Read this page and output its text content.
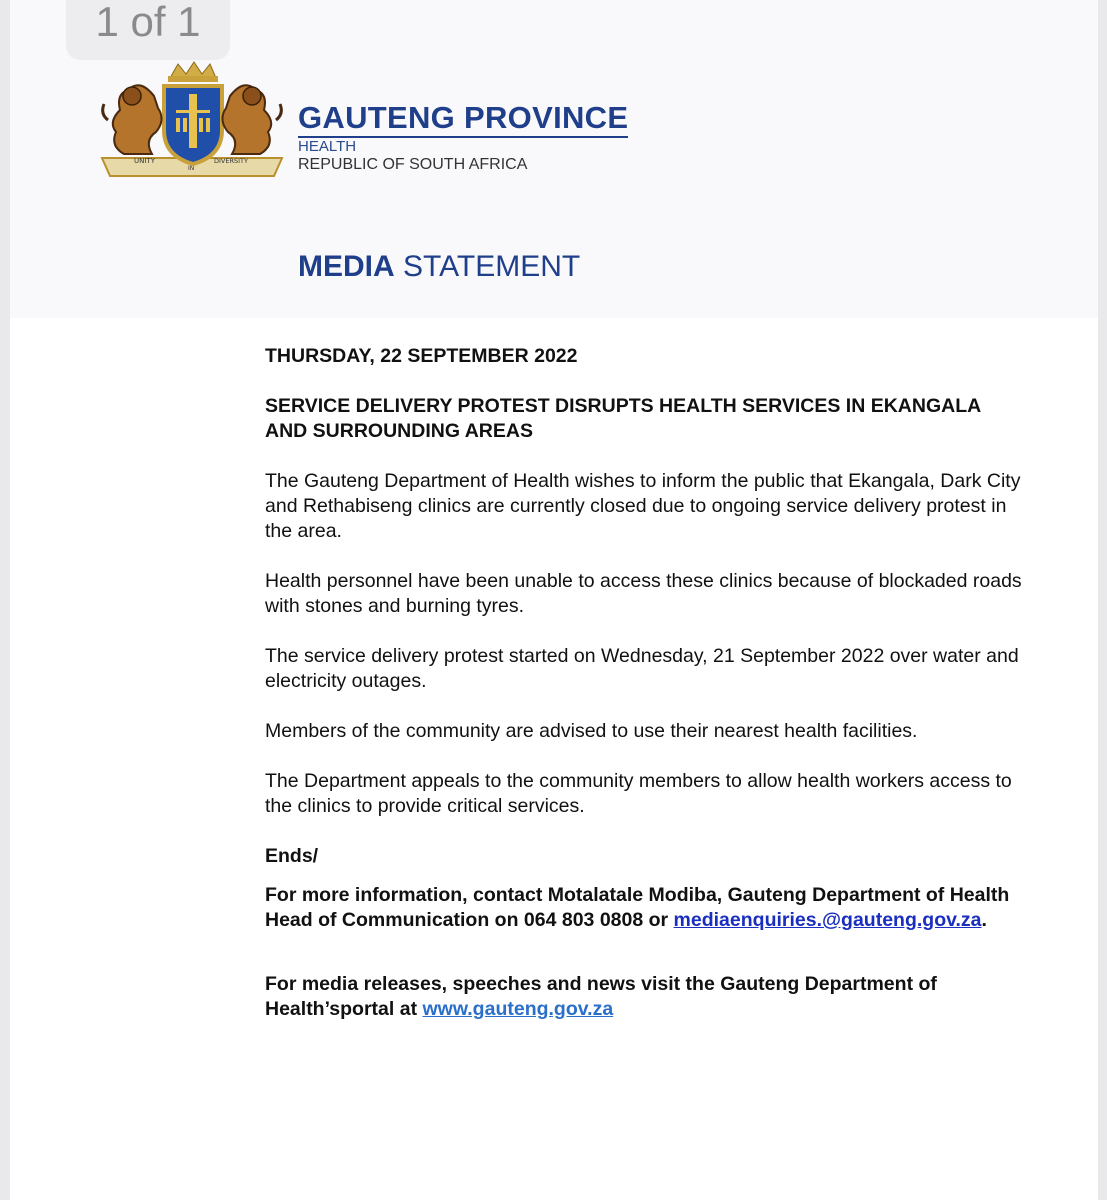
1 of 1
UNITY
IN
DIVERSITY
GAUTENG PROVINCE
HEALTH
REPUBLIC OF SOUTH AFRICA
MEDIA STATEMENT

THURSDAY, 22 SEPTEMBER 2022

SERVICE DELIVERY PROTEST DISRUPTS HEALTH SERVICES IN EKANGALA AND SURROUNDING AREAS

The Gauteng Department of Health wishes to inform the public that Ekangala, Dark City and Rethabiseng clinics are currently closed due to ongoing service delivery protest in the area.

Health personnel have been unable to access these clinics because of blockaded roads with stones and burning tyres.

The service delivery protest started on Wednesday, 21 September 2022 over water and electricity outages.

Members of the community are advised to use their nearest health facilities.

The Department appeals to the community members to allow health workers access to the clinics to provide critical services.

Ends/

For more information, contact Motalatale Modiba, Gauteng Department of Health Head of Communication on 064 803 0808 or mediaenquiries.@gauteng.gov.za.

For media releases, speeches and news visit the Gauteng Department of Health’sportal at www.gauteng.gov.za
